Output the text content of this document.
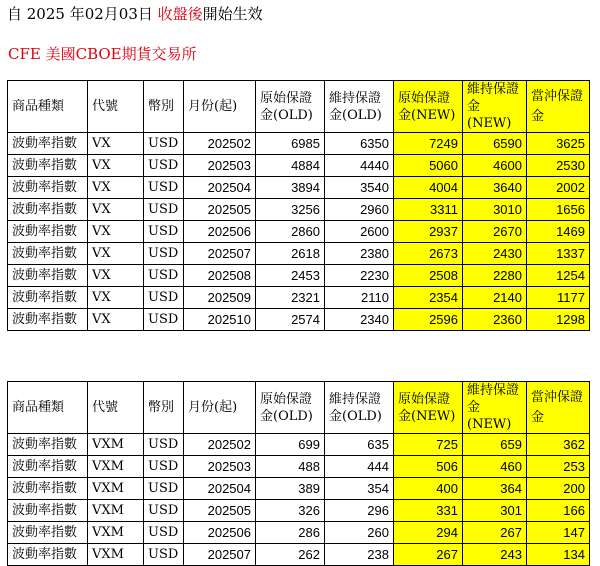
自 2025 年02月03日 收盤後開始生效
CFE 美國CBOE期貨交易所
商品種類	代號	幣別	月份(起)	原始保證金(OLD)	維持保證金(OLD)	原始保證金(NEW)	維持保證金(NEW)	當沖保證金
波動率指數	VX	USD	202502	6985	6350	7249	6590	3625
波動率指數	VX	USD	202503	4884	4440	5060	4600	2530
波動率指數	VX	USD	202504	3894	3540	4004	3640	2002
波動率指數	VX	USD	202505	3256	2960	3311	3010	1656
波動率指數	VX	USD	202506	2860	2600	2937	2670	1469
波動率指數	VX	USD	202507	2618	2380	2673	2430	1337
波動率指數	VX	USD	202508	2453	2230	2508	2280	1254
波動率指數	VX	USD	202509	2321	2110	2354	2140	1177
波動率指數	VX	USD	202510	2574	2340	2596	2360	1298
商品種類	代號	幣別	月份(起)	原始保證金(OLD)	維持保證金(OLD)	原始保證金(NEW)	維持保證金(NEW)	當沖保證金
波動率指數	VXM	USD	202502	699	635	725	659	362
波動率指數	VXM	USD	202503	488	444	506	460	253
波動率指數	VXM	USD	202504	389	354	400	364	200
波動率指數	VXM	USD	202505	326	296	331	301	166
波動率指數	VXM	USD	202506	286	260	294	267	147
波動率指數	VXM	USD	202507	262	238	267	243	134
